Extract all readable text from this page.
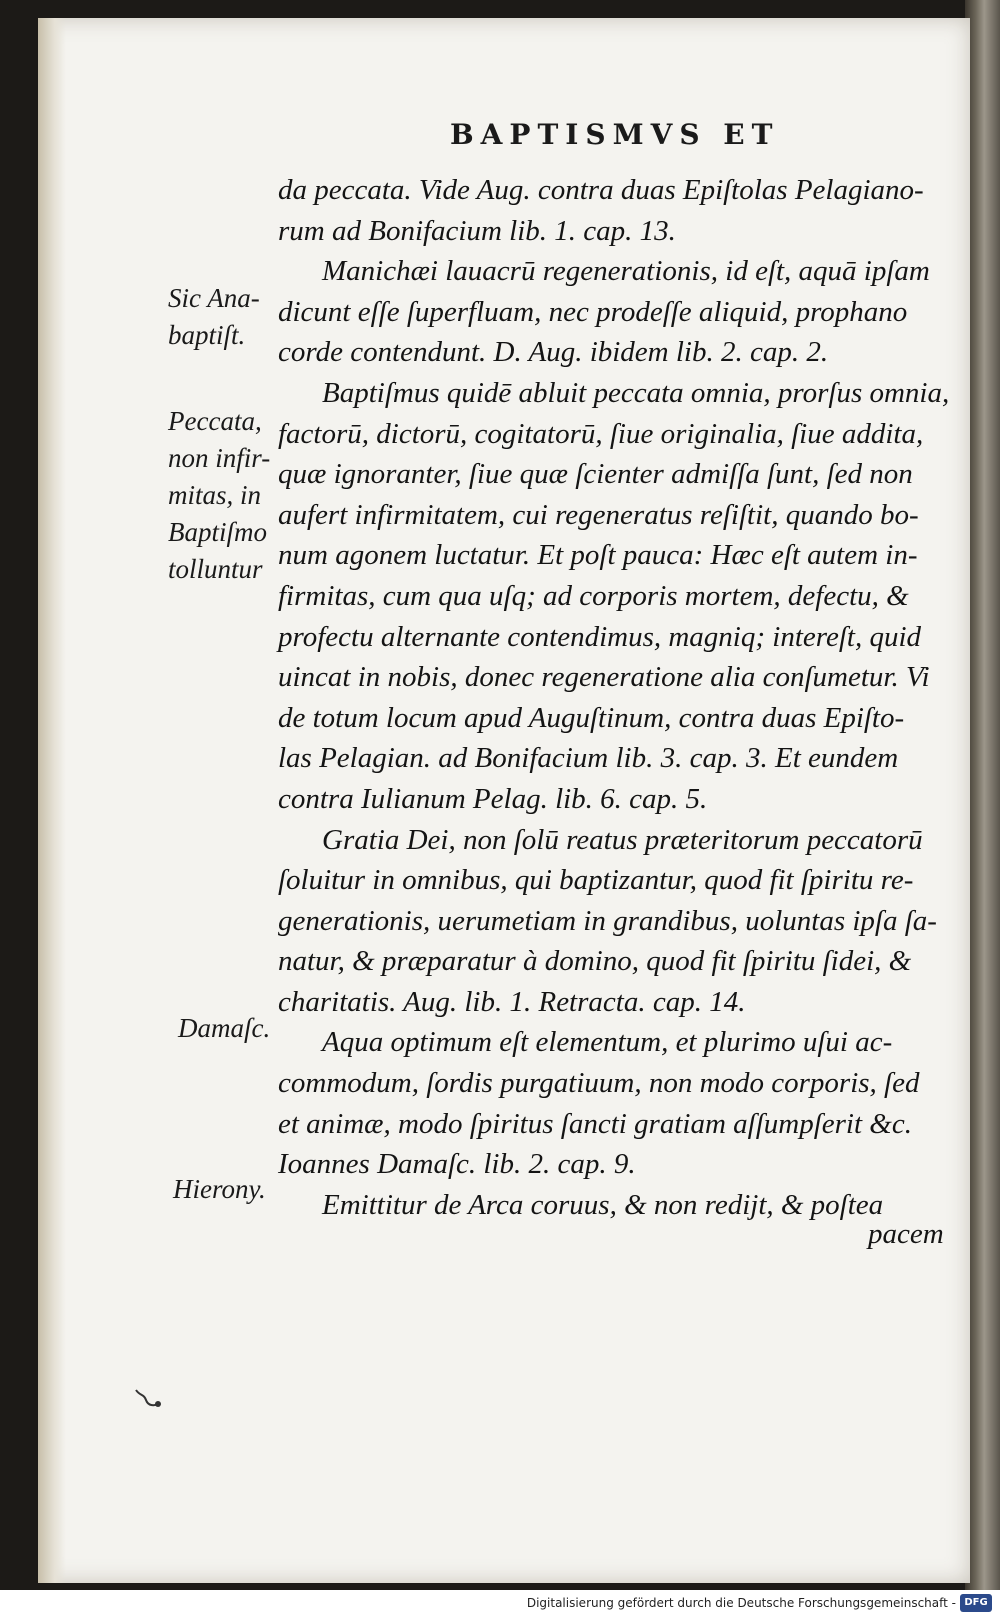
BAPTISMVS ET
Sic Ana-
baptiſt.
Peccata,
non infir-
mitas, in
Baptiſmo
tolluntur
Damaſc.
Hierony.
da peccata. Vide Aug. contra duas Epiſtolas Pelagiano-
rum ad Bonifacium lib. 1. cap. 13.
Manichæi lauacrū regenerationis, id eſt, aquā ipſam
dicunt eſſe ſuperfluam, nec prodeſſe aliquid, prophano
corde contendunt. D. Aug. ibidem lib. 2. cap. 2.
Baptiſmus quidē abluit peccata omnia, prorſus omnia,
factorū, dictorū, cogitatorū, ſiue originalia, ſiue addita,
quæ ignoranter, ſiue quæ ſcienter admiſſa ſunt, ſed non
aufert infirmitatem, cui regeneratus reſiſtit, quando bo-
num agonem luctatur. Et poſt pauca: Hæc eſt autem in-
firmitas, cum qua uſq; ad corporis mortem, defectu, &
profectu alternante contendimus, magniq; intereſt, quid
uincat in nobis, donec regeneratione alia conſumetur. Vi
de totum locum apud Auguſtinum, contra duas Epiſto-
las Pelagian. ad Bonifacium lib. 3. cap. 3. Et eundem
contra Iulianum Pelag. lib. 6. cap. 5.
Gratia Dei, non ſolū reatus præteritorum peccatorū
ſoluitur in omnibus, qui baptizantur, quod fit ſpiritu re-
generationis, uerumetiam in grandibus, uoluntas ipſa ſa-
natur, & præparatur à domino, quod fit ſpiritu ſidei, &
charitatis. Aug. lib. 1. Retracta. cap. 14.
Aqua optimum eſt elementum, et plurimo uſui ac-
commodum, ſordis purgatiuum, non modo corporis, ſed
et animæ, modo ſpiritus ſancti gratiam aſſumpſerit &c.
Ioannes Damaſc. lib. 2. cap. 9.
Emittitur de Arca coruus, & non redijt, & poſtea
pacem
Digitalisierung gefördert durch die Deutsche Forschungsgemeinschaft - DFG
